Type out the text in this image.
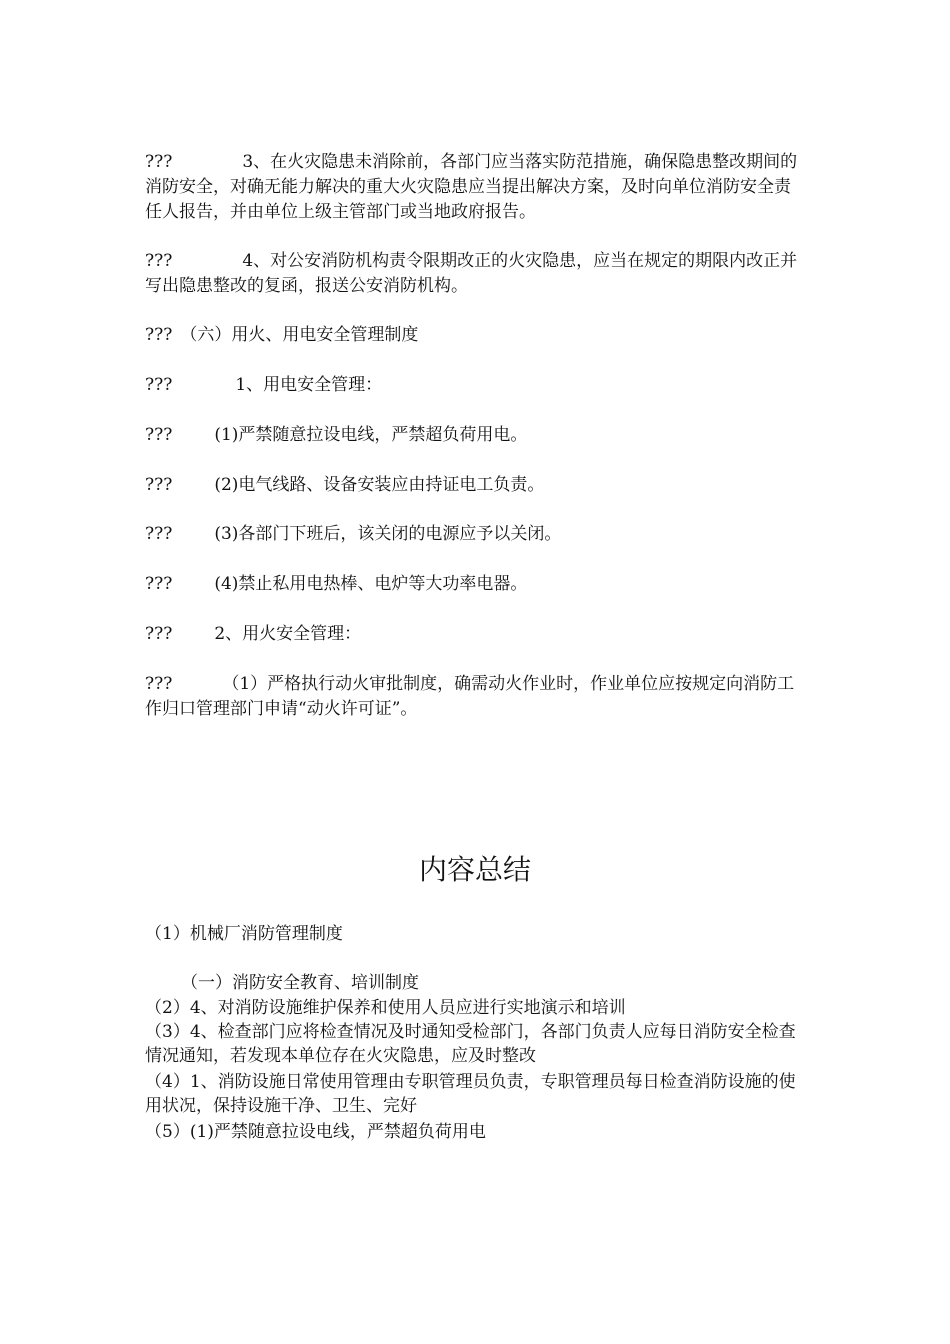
???	3、在火灾隐患未消除前，各部门应当落实防范措施，确保隐患整改期间的消防安全，对确无能力解决的重大火灾隐患应当提出解决方案，及时向单位消防安全责任人报告，并由单位上级主管部门或当地政府报告。

???	4、对公安消防机构责令限期改正的火灾隐患，应当在规定的期限内改正并写出隐患整改的复函，报送公安消防机构。

??? （六）用火、用电安全管理制度

???	1、用电安全管理：

??? (1)严禁随意拉设电线，严禁超负荷用电。

??? (2)电气线路、设备安装应由持证电工负责。

??? (3)各部门下班后，该关闭的电源应予以关闭。

??? (4)禁止私用电热棒、电炉等大功率电器。

??? 2、用火安全管理：

???	（1）严格执行动火审批制度，确需动火作业时，作业单位应按规定向消防工作归口管理部门申请“动火许可证”。

内容总结

（1）机械厂消防管理制度

（一）消防安全教育、培训制度

（2）4、对消防设施维护保养和使用人员应进行实地演示和培训

（3）4、检查部门应将检查情况及时通知受检部门，各部门负责人应每日消防安全检查情况通知，若发现本单位存在火灾隐患，应及时整改

（4）1、消防设施日常使用管理由专职管理员负责，专职管理员每日检查消防设施的使用状况，保持设施干净、卫生、完好

（5）(1)严禁随意拉设电线，严禁超负荷用电
